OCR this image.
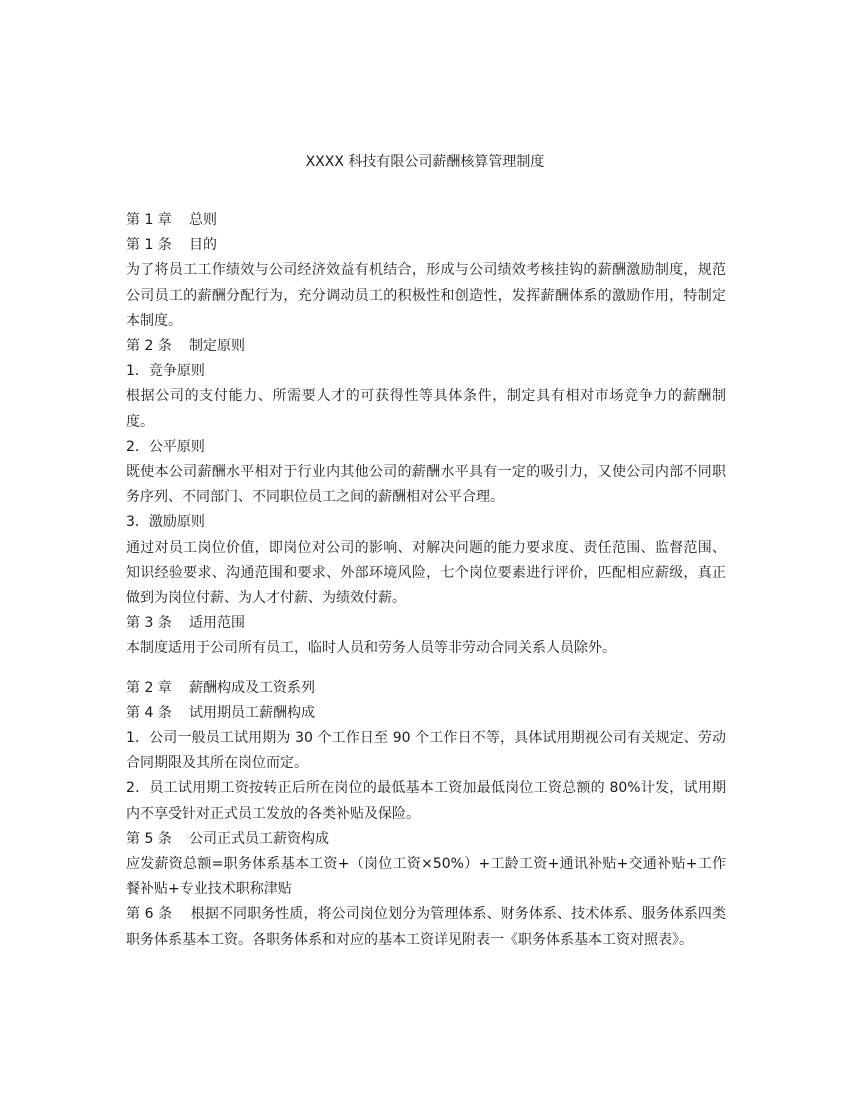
XXXX 科技有限公司薪酬核算管理制度
第 1 章 总则
第 1 条 目的
为了将员工工作绩效与公司经济效益有机结合，形成与公司绩效考核挂钩的薪酬激励制度，规范公司员工的薪酬分配行为，充分调动员工的积极性和创造性，发挥薪酬体系的激励作用，特制定本制度。
第 2 条 制定原则
1．竞争原则
根据公司的支付能力、所需要人才的可获得性等具体条件，制定具有相对市场竞争力的薪酬制度。
2．公平原则
既使本公司薪酬水平相对于行业内其他公司的薪酬水平具有一定的吸引力，又使公司内部不同职务序列、不同部门、不同职位员工之间的薪酬相对公平合理。
3．激励原则
通过对员工岗位价值，即岗位对公司的影响、对解决问题的能力要求度、责任范围、监督范围、知识经验要求、沟通范围和要求、外部环境风险，七个岗位要素进行评价，匹配相应薪级，真正做到为岗位付薪、为人才付薪、为绩效付薪。
第 3 条 适用范围
本制度适用于公司所有员工，临时人员和劳务人员等非劳动合同关系人员除外。
第 2 章 薪酬构成及工资系列
第 4 条 试用期员工薪酬构成
1．公司一般员工试用期为 30 个工作日至 90 个工作日不等，具体试用期视公司有关规定、劳动合同期限及其所在岗位而定。
2．员工试用期工资按转正后所在岗位的最低基本工资加最低岗位工资总额的 80%计发，试用期内不享受针对正式员工发放的各类补贴及保险。
第 5 条 公司正式员工薪资构成
应发薪资总额=职务体系基本工资+（岗位工资×50%）+工龄工资+通讯补贴+交通补贴+工作餐补贴+专业技术职称津贴
第 6 条　 根据不同职务性质，将公司岗位划分为管理体系、财务体系、技术体系、服务体系四类职务体系基本工资。各职务体系和对应的基本工资详见附表一《职务体系基本工资对照表》。
